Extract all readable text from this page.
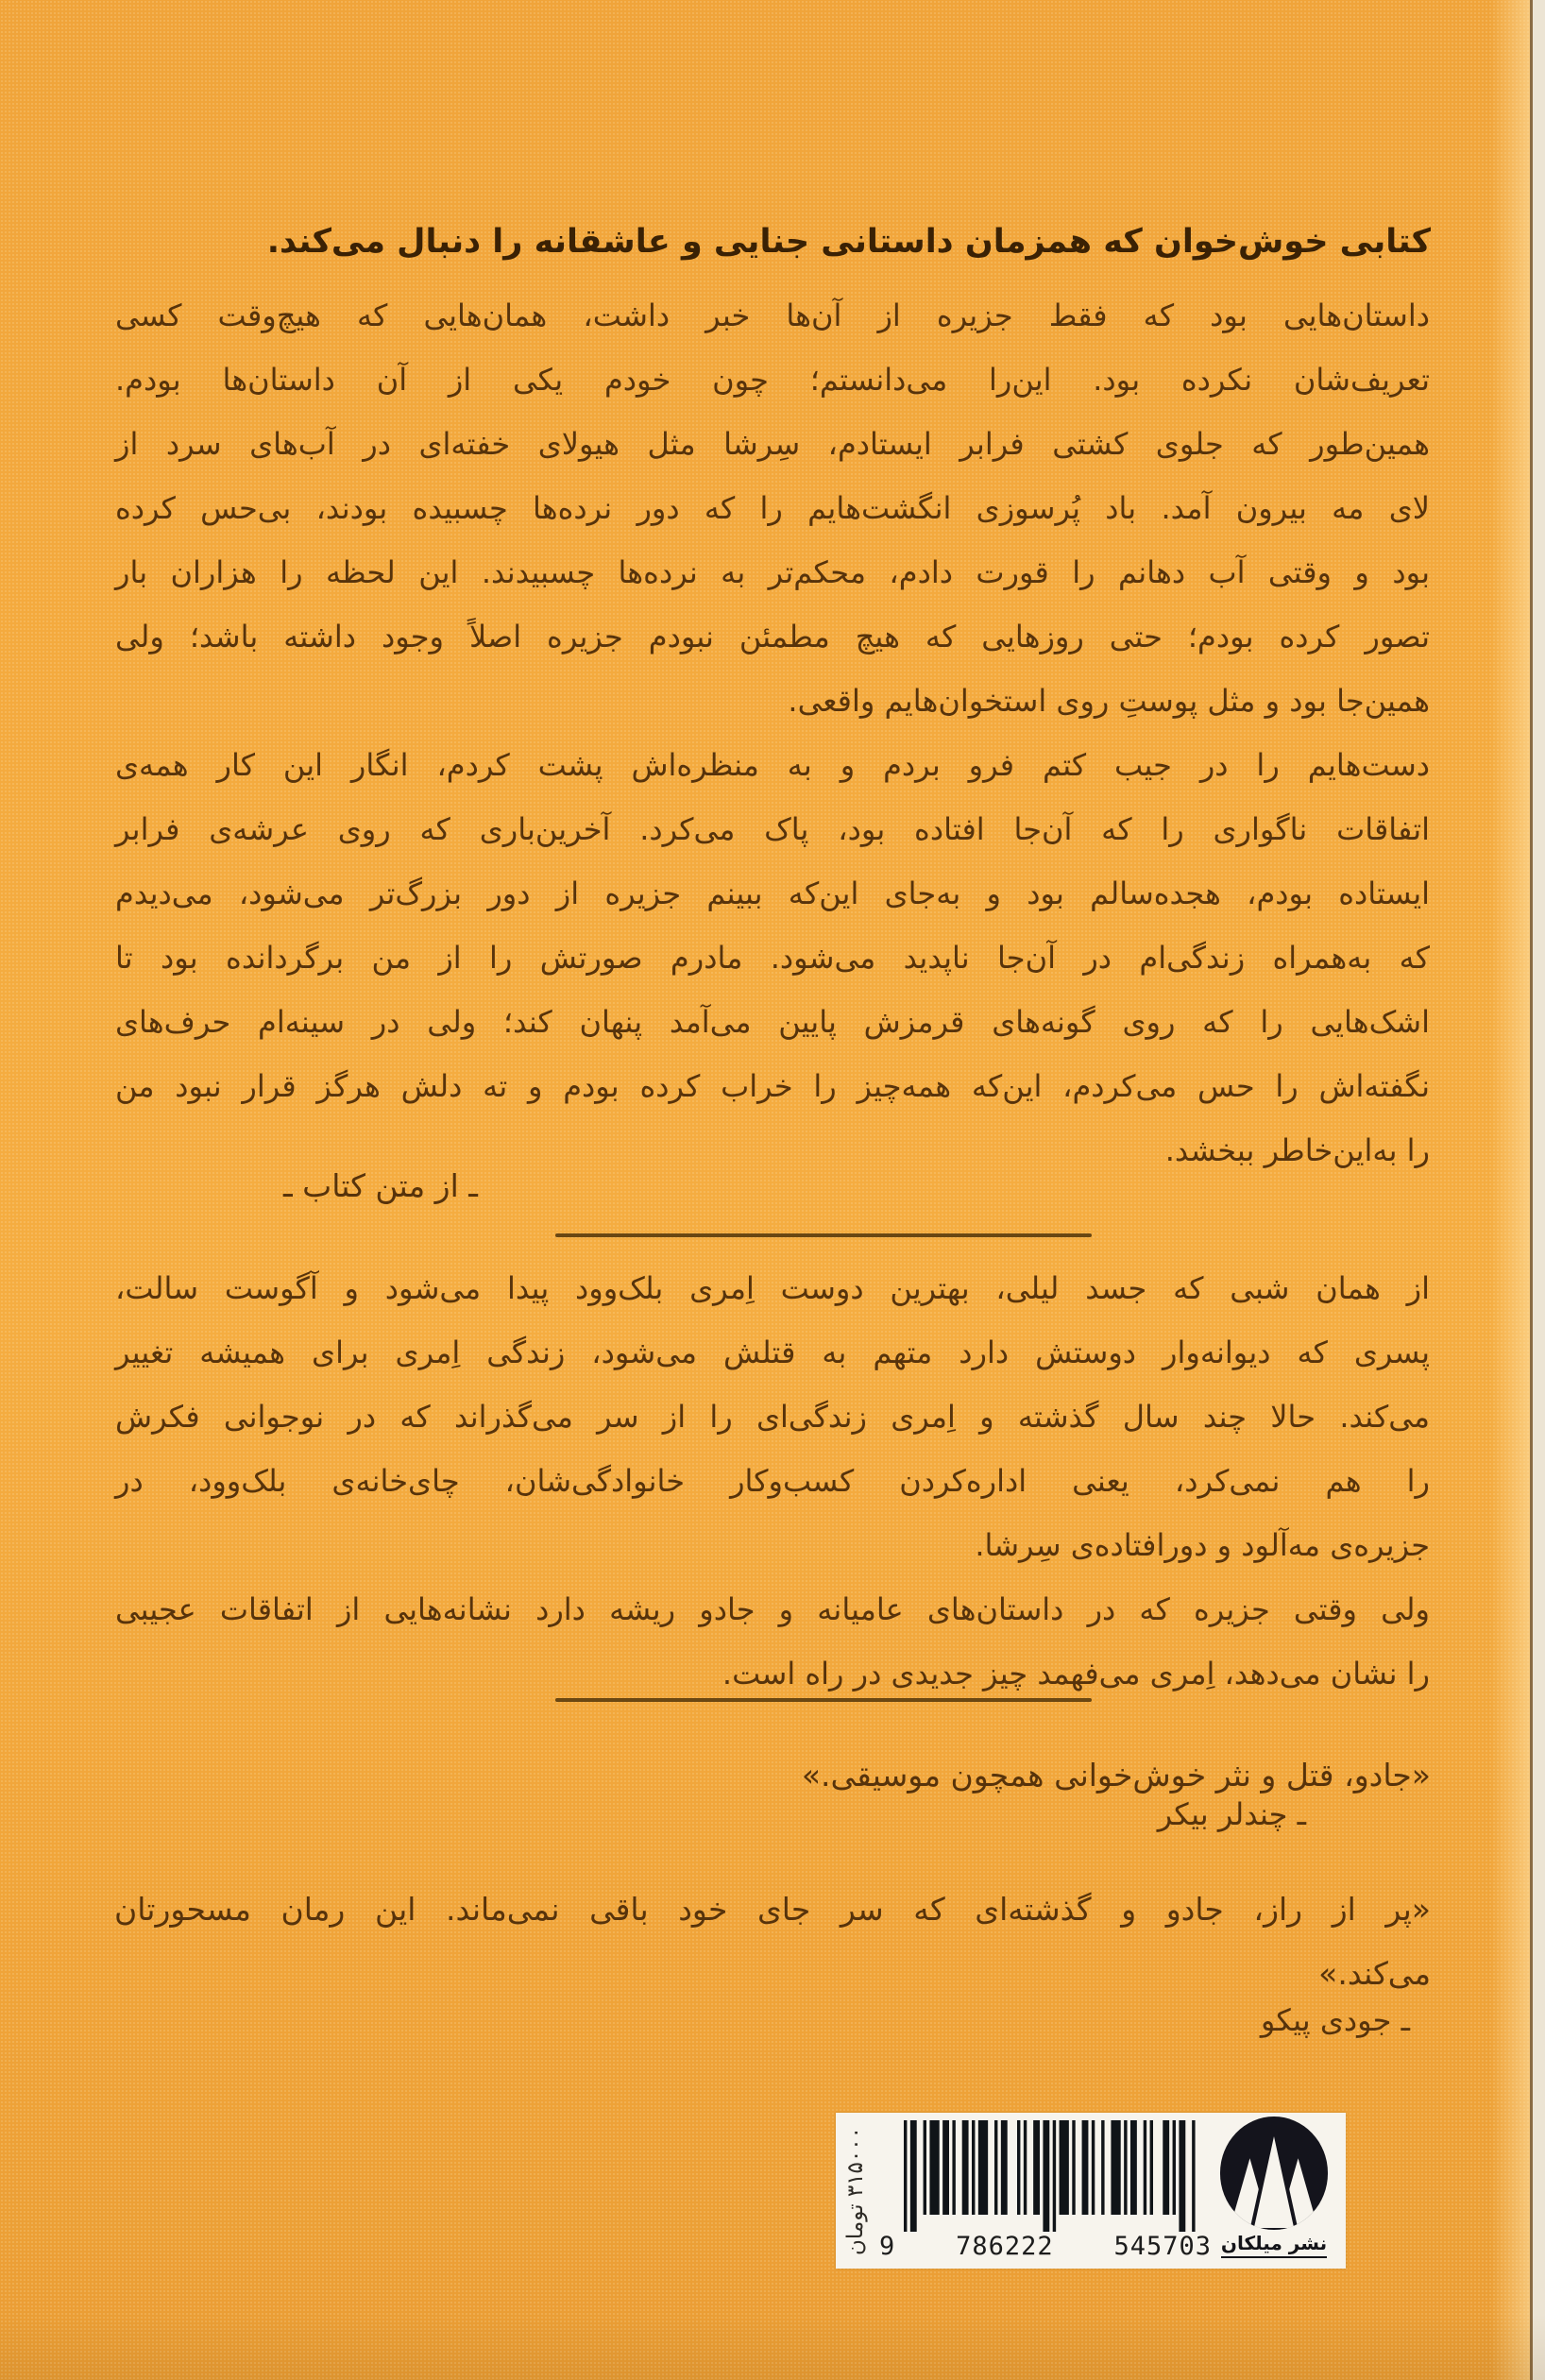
کتابی خوش‌خوان که همزمان داستانی جنایی و عاشقانه را دنبال می‌کند.
داستان‌هایی بود که فقط جزیره از آن‌ها خبر داشت، همان‌هایی که هیچ‌وقت کسی
تعریف‌شان نکرده بود. این‌را می‌دانستم؛ چون خودم یکی از آن داستان‌ها بودم.
همین‌طور که جلوی کشتی فرابر ایستادم، سِرشا مثل هیولای خفته‌ای در آب‌های سرد از
لای مه بیرون آمد. باد پُرسوزی انگشت‌هایم را که دور نرده‌ها چسبیده بودند، بی‌حس کرده
بود و وقتی آب دهانم را قورت دادم، محکم‌تر به نرده‌ها چسبیدند. این لحظه را هزاران بار
تصور کرده بودم؛ حتی روزهایی که هیچ مطمئن نبودم جزیره اصلاً وجود داشته باشد؛ ولی
همین‌جا بود و مثل پوستِ روی استخوان‌هایم واقعی.
دست‌هایم را در جیب کتم فرو بردم و به منظره‌اش پشت کردم، انگار این کار همه‌ی
اتفاقات ناگواری را که آن‌جا افتاده بود، پاک می‌کرد. آخرین‌باری که روی عرشه‌ی فرابر
ایستاده بودم، هجده‌سالم بود و به‌جای این‌که ببینم جزیره از دور بزرگ‌تر می‌شود، می‌دیدم
که به‌همراه زندگی‌ام در آن‌جا ناپدید می‌شود. مادرم صورتش را از من برگردانده بود تا
اشک‌هایی را که روی گونه‌های قرمزش پایین می‌آمد پنهان کند؛ ولی در سینه‌ام حرف‌های
نگفته‌اش را حس می‌کردم، این‌که همه‌چیز را خراب کرده بودم و ته دلش هرگز قرار نبود من
را به‌این‌خاطر ببخشد.
ـ از متن کتاب ـ
از همان شبی که جسد لیلی، بهترین دوست اِمری بلک‌وود پیدا می‌شود و آگوست سالت،
پسری که دیوانه‌وار دوستش دارد متهم به قتلش می‌شود، زندگی اِمری برای همیشه تغییر
می‌کند. حالا چند سال گذشته و اِمری زندگی‌ای را از سر می‌گذراند که در نوجوانی فکرش
را هم نمی‌کرد، یعنی اداره‌کردن کسب‌وکار خانوادگی‌شان، چای‌خانه‌ی بلک‌وود، در
جزیره‌ی مه‌آلود و دورافتاده‌ی سِرشا.
ولی وقتی جزیره که در داستان‌های عامیانه و جادو ریشه دارد نشانه‌هایی از اتفاقات عجیبی
را نشان می‌دهد، اِمری می‌فهمد چیز جدیدی در راه است.
«جادو، قتل و نثر خوش‌خوانی همچون موسیقی.»
ـ چندلر بیکر
«پر از راز، جادو و گذشته‌ای که سر جای خود باقی نمی‌ماند. این رمان مسحورتان
می‌کند.»
ـ جودی پیکو
۳۱۵۰۰۰ تومان
9 786222 545703 نشر میلکان
